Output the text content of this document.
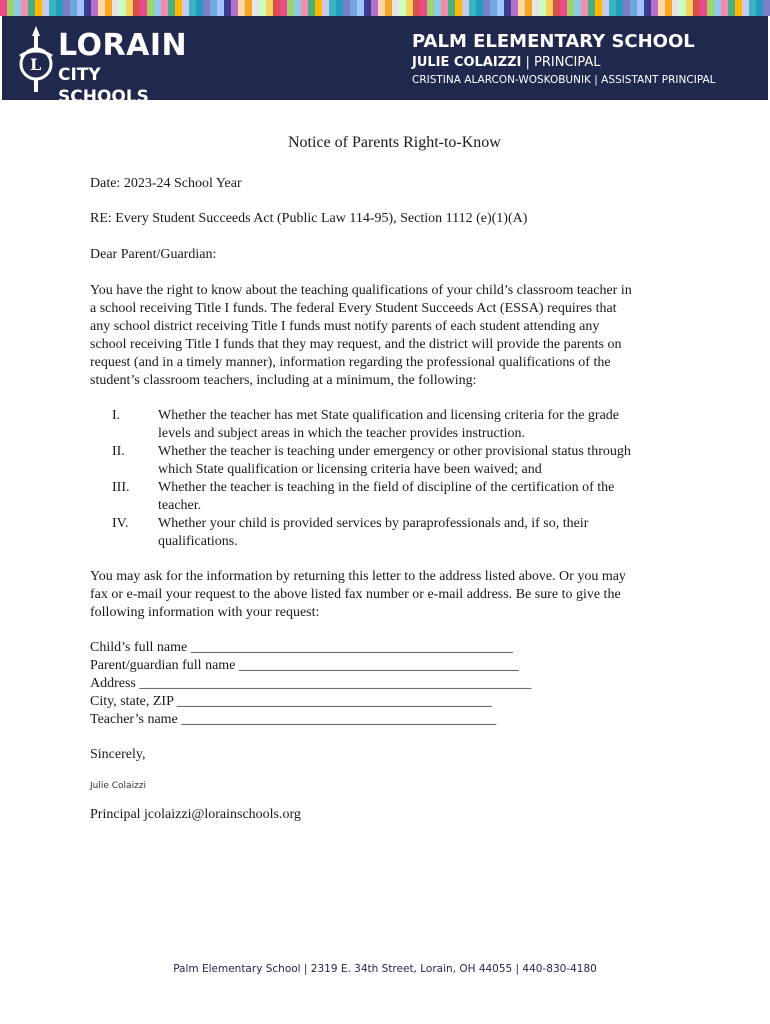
L
LORAIN
CITY SCHOOLS
PALM ELEMENTARY SCHOOL
JULIE COLAIZZI | PRINCIPAL
CRISTINA ALARCON-WOSKOBUNIK | ASSISTANT PRINCIPAL
Notice of Parents Right-to-Know
Date: 2023-24 School Year
RE: Every Student Succeeds Act (Public Law 114-95), Section 1112 (e)(1)(A)
Dear Parent/Guardian:
You have the right to know about the teaching qualifications of your child’s classroom teacher in
a school receiving Title I funds. The federal Every Student Succeeds Act (ESSA) requires that
any school district receiving Title I funds must notify parents of each student attending any
school receiving Title I funds that they may request, and the district will provide the parents on
request (and in a timely manner), information regarding the professional qualifications of the
student’s classroom teachers, including at a minimum, the following:
I.	Whether the teacher has met State qualification and licensing criteria for the grade
levels and subject areas in which the teacher provides instruction.
II.	Whether the teacher is teaching under emergency or other provisional status through
which State qualification or licensing criteria have been waived; and
III.	Whether the teacher is teaching in the field of discipline of the certification of the
teacher.
IV.	Whether your child is provided services by paraprofessionals and, if so, their
qualifications.
You may ask for the information by returning this letter to the address listed above. Or you may
fax or e-mail your request to the above listed fax number or e-mail address. Be sure to give the
following information with your request:
Child’s full name ______________________________________________
Parent/guardian full name ________________________________________
Address ________________________________________________________
City, state, ZIP _____________________________________________
Teacher’s name _____________________________________________
Sincerely,
Julie Colaizzi
Principal jcolaizzi@lorainschools.org
Palm Elementary School | 2319 E. 34th Street, Lorain, OH 44055 | 440-830-4180
